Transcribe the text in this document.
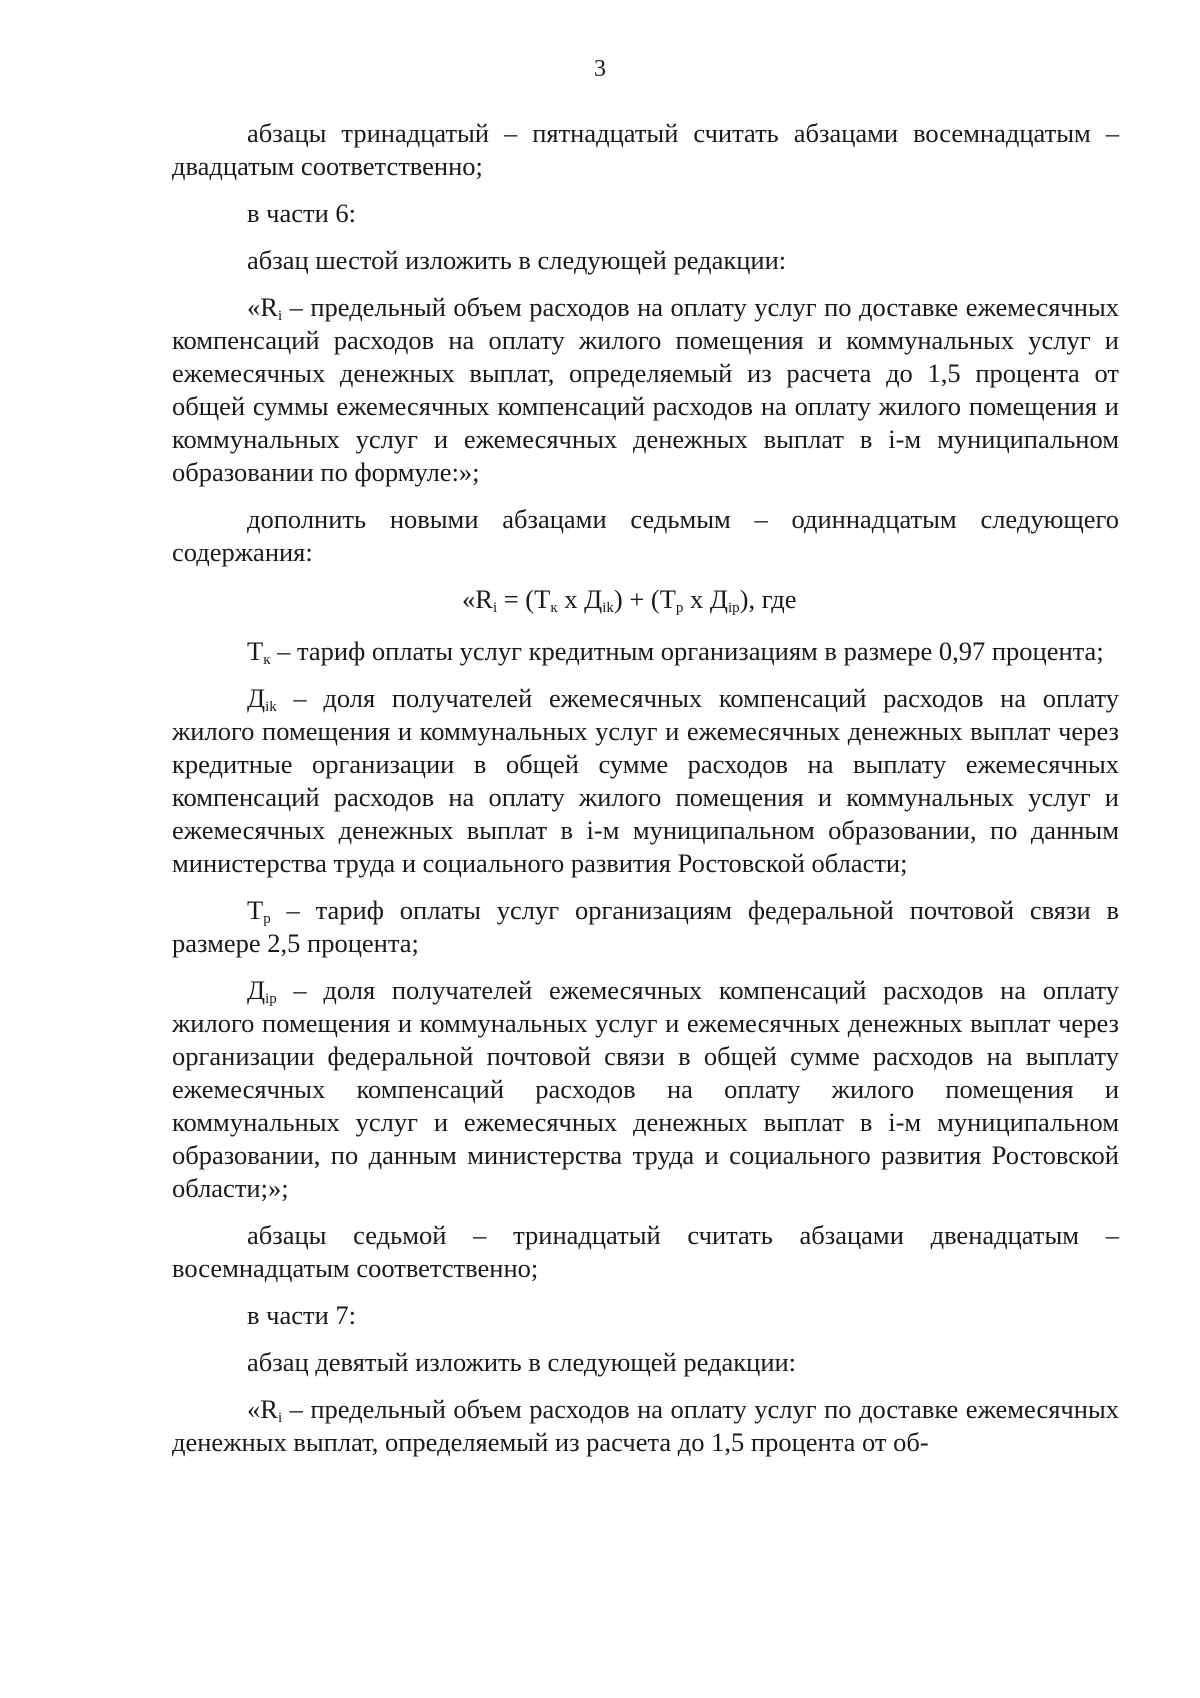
3

абзацы тринадцатый – пятнадцатый считать абзацами восемнадцатым – двадцатым соответственно;

в части 6:

абзац шестой изложить в следующей редакции:

«$R_i$ – предельный объем расходов на оплату услуг по доставке ежемесячных компенсаций расходов на оплату жилого помещения и коммунальных услуг и ежемесячных денежных выплат, определяемый из расчета до 1,5 процента от общей суммы ежемесячных компенсаций расходов на оплату жилого помещения и коммунальных услуг и ежемесячных денежных выплат в i-м муниципальном образовании по формуле:»;

дополнить новыми абзацами седьмым – одиннадцатым следующего содержания:

«$R_i = (Т_к$ х $Д_{ik}) + (Т_р$ х $Д_{ip}$), где

$Т_к$ – тариф оплаты услуг кредитным организациям в размере 0,97 процента;

$Д_{ik}$ – доля получателей ежемесячных компенсаций расходов на оплату жилого помещения и коммунальных услуг и ежемесячных денежных выплат через кредитные организации в общей сумме расходов на выплату ежемесячных компенсаций расходов на оплату жилого помещения и коммунальных услуг и ежемесячных денежных выплат в i-м муниципальном образовании, по данным министерства труда и социального развития Ростовской области;

$Т_р$ – тариф оплаты услуг организациям федеральной почтовой связи в размере 2,5 процента;

$Д_{ip}$ – доля получателей ежемесячных компенсаций расходов на оплату жилого помещения и коммунальных услуг и ежемесячных денежных выплат через организации федеральной почтовой связи в общей сумме расходов на выплату ежемесячных компенсаций расходов на оплату жилого помещения и коммунальных услуг и ежемесячных денежных выплат в i-м муниципальном образовании, по данным министерства труда и социального развития Ростовской области;»;

абзацы седьмой – тринадцатый считать абзацами двенадцатым – восемнадцатым соответственно;

в части 7:

абзац девятый изложить в следующей редакции:

«$R_i$ – предельный объем расходов на оплату услуг по доставке ежемесячных денежных выплат, определяемый из расчета до 1,5 процента от об-
